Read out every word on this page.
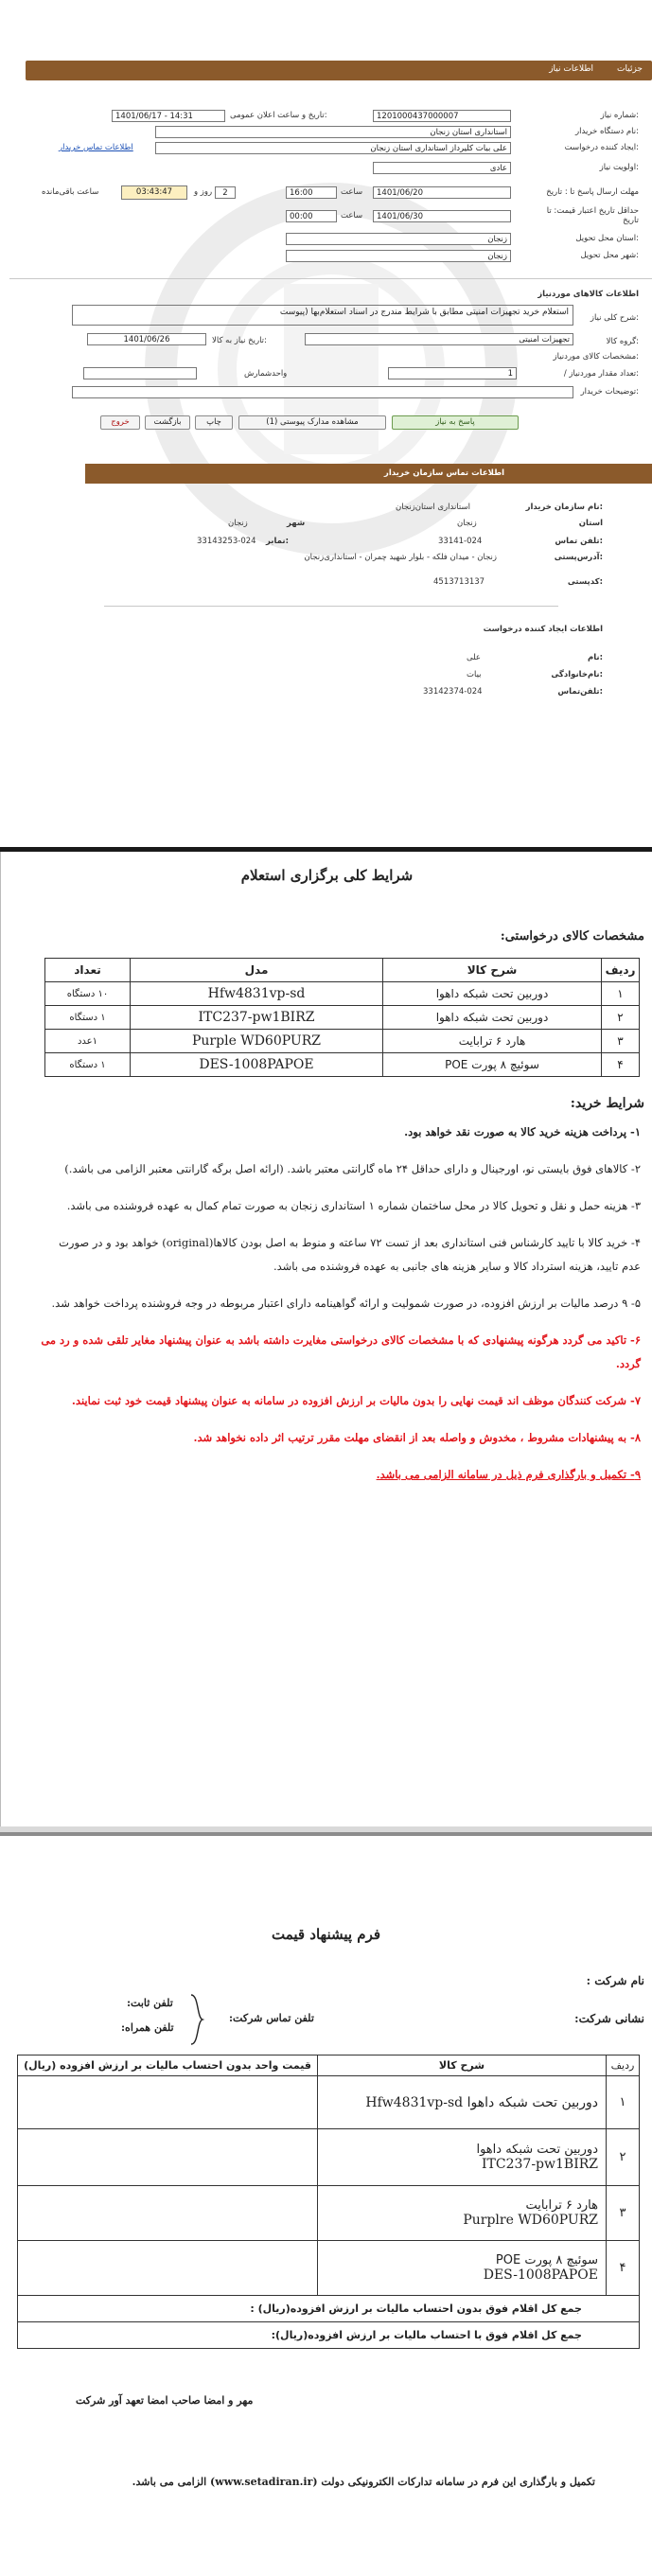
جزئیات
اطلاعات نیاز
شماره نیاز:
1201000437000007
تاریخ و ساعت اعلان عمومی:
1401/06/17 - 14:31
نام دستگاه خریدار:
استانداری استان زنجان
ایجاد کننده درخواست:
علی بیات کلیرداز استانداری استان زنجان
اطلاعات تماس خریدار
اولویت نیاز:
عادی
مهلت ارسال پاسخ تا : تاریخ
1401/06/20
ساعت
16:00
2
روز و
03:43:47
ساعت باقی‌مانده
حداقل تاریخ اعتبار قیمت: تا تاریخ
1401/06/30
ساعت
00:00
استان محل تحویل:
زنجان
شهر محل تحویل:
زنجان
اطلاعات کالاهای موردنیاز
شرح کلی نیاز:
استعلام خرید تجهیزات امنیتی مطابق با شرایط مندرج در اسناد استعلام‌بها (پیوست
گروه کالا:
تجهیزات امنیتی
مشخصات کالای موردنیاز:
تاریخ نیاز به کالا:
1401/06/26
/ تعداد مقدار موردنیاز:
1
واحدشمارش
توضیحات خریدار:
پاسخ به نیاز
مشاهده مدارک پیوستی (1)
چاپ
بازگشت
خروج
اطلاعات تماس سازمان خریدار
نام سازمان خریدار:
استانداری استان‌زنجان
استان
زنجان
شهر
زنجان
تلفن تماس:
33141-024
نمابر:
33143253-024
آدرس‌پستی:
زنجان - میدان فلکه - بلوار شهید چمران - استانداری‌زنجان
کدپستی:
4513713137
اطلاعات ایجاد کننده درخواست
نام:
علی
نام‌خانوادگی:
بیات
تلفن‌تماس:
33142374-024
شرایط کلی برگزاری استعلام
مشخصات کالای درخواستی:
ردیف	شرح کالا	مدل	تعداد
۱	دوربین تحت شبکه داهوا	Hfw4831vp-sd	۱۰ دستگاه
۲	دوربین تحت شبکه داهوا	ITC237-pw1BIRZ	۱ دستگاه
۳	هارد ۶ ترابایت	Purple WD60PURZ	۱عدد
۴	سوئیچ ۸ پورت POE	DES-1008PAPOE	۱ دستگاه
شرایط خرید:
۱- پرداخت هزینه خرید کالا به صورت نقد خواهد بود.
۲- کالاهای فوق بایستی نو، اورجینال و دارای حداقل ۲۴ ماه گارانتی معتبر باشد. (ارائه اصل برگه گارانتی معتبر الزامی می باشد.)
۳- هزینه حمل و نقل و تحویل کالا در محل ساختمان شماره ۱ استانداری زنجان به صورت تمام کمال به عهده فروشنده می باشد.
۴- خرید کالا با تایید کارشناس فنی استانداری بعد از تست ۷۲ ساعته و منوط به اصل بودن کالاها(original) خواهد بود و در صورت عدم تایید، هزینه استرداد کالا و سایر هزینه های جانبی به عهده فروشنده می باشد.
۵- ۹ درصد مالیات بر ارزش افزوده، در صورت شمولیت و ارائه گواهینامه دارای اعتبار مربوطه در وجه فروشنده پرداخت خواهد شد.
۶- تاکید می گردد هرگونه پیشنهادی که با مشخصات کالای درخواستی مغایرت داشته باشد به عنوان پیشنهاد مغایر تلقی شده و رد می گردد.
۷- شرکت کنندگان موظف اند قیمت نهایی را بدون مالیات بر ارزش افزوده در سامانه به عنوان پیشنهاد قیمت خود ثبت نمایند.
۸- به پیشنهادات مشروط ، مخدوش و واصله بعد از انقضای مهلت مقرر ترتیب اثر داده نخواهد شد.
۹- تکمیل و بارگذاری فرم ذیل در سامانه الزامی می باشد.
فرم پیشنهاد قیمت
نام شرکت :
نشانی شرکت:
تلفن تماس شرکت:
تلفن ثابت:
تلفن همراه:
ردیف	شرح کالا	قیمت واحد بدون احتساب مالیات بر ارزش افزوده (ریال)
۱	دوربین تحت شبکه داهوا Hfw4831vp-sd	

۲	دوربین تحت شبکه داهوا
ITC237-pw1BIRZ	

۳	هارد ۶ ترابایت
Purplre WD60PURZ	

۴	سوئیچ ۸ پورت POE
DES-1008PAPOE	

جمع کل اقلام فوق بدون احتساب مالیات بر ارزش افزوده(ریال) :		
جمع کل اقلام فوق با احتساب مالیات بر ارزش افزوده(ریال):		
مهر و امضا صاحب امضا تعهد آور شرکت
تکمیل و بارگذاری این فرم در سامانه تدارکات الکترونیکی دولت (www.setadiran.ir) الزامی می باشد.
